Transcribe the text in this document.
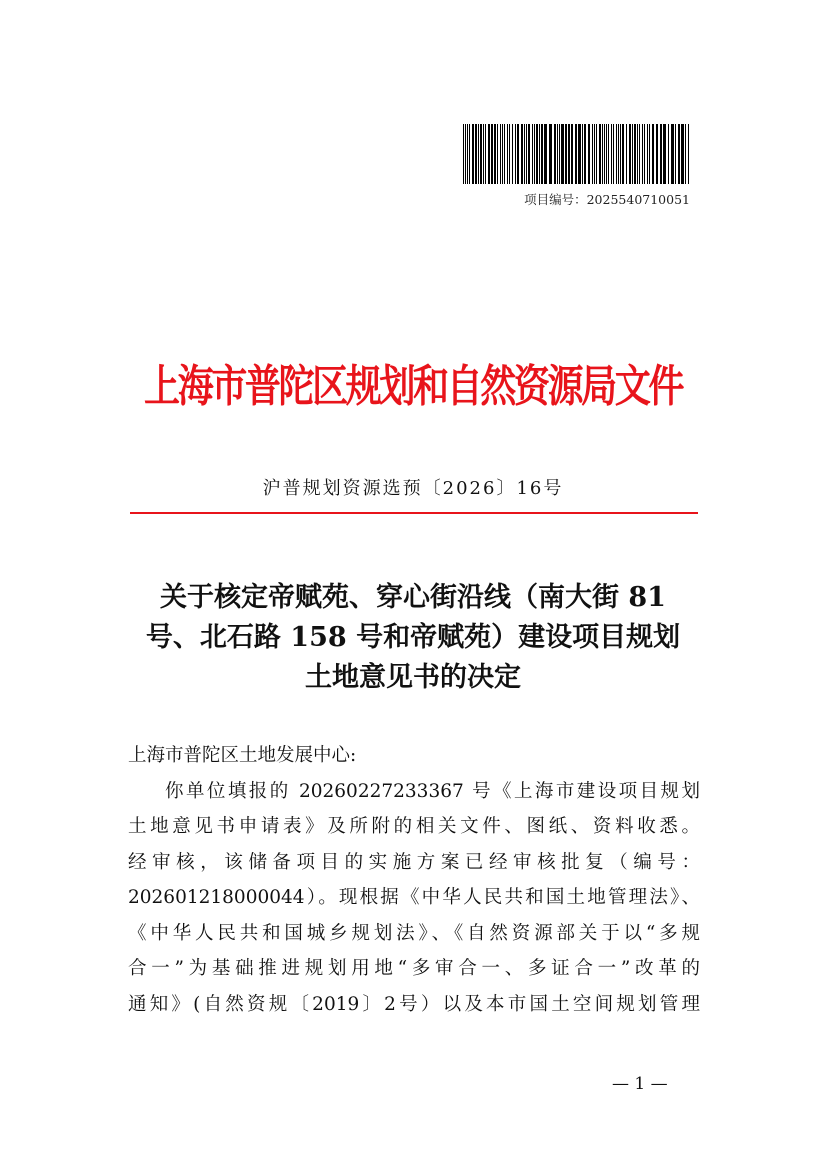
项目编号：2025540710051
上海市普陀区规划和自然资源局文件
沪普规划资源选预〔2026〕16号
关于核定帝赋苑、穿心街沿线（南大街 81
号、北石路 158 号和帝赋苑）建设项目规划
土地意见书的决定
上海市普陀区土地发展中心:
你单位填报的 20260227233367 号《上海市建设项目规划
土地意见书申请表》及所附的相关文件、图纸、资料收悉。
经审核，该储备项目的实施方案已经审核批复（编号：
202601218000044）。现根据《中华人民共和国土地管理法》、
《中华人民共和国城乡规划法》、《自然资源部关于以“多规
合一”为基础推进规划用地“多审合一、多证合一”改革的
通知》(自然资规〔2019〕2号）以及本市国土空间规划管理
— 1 —
